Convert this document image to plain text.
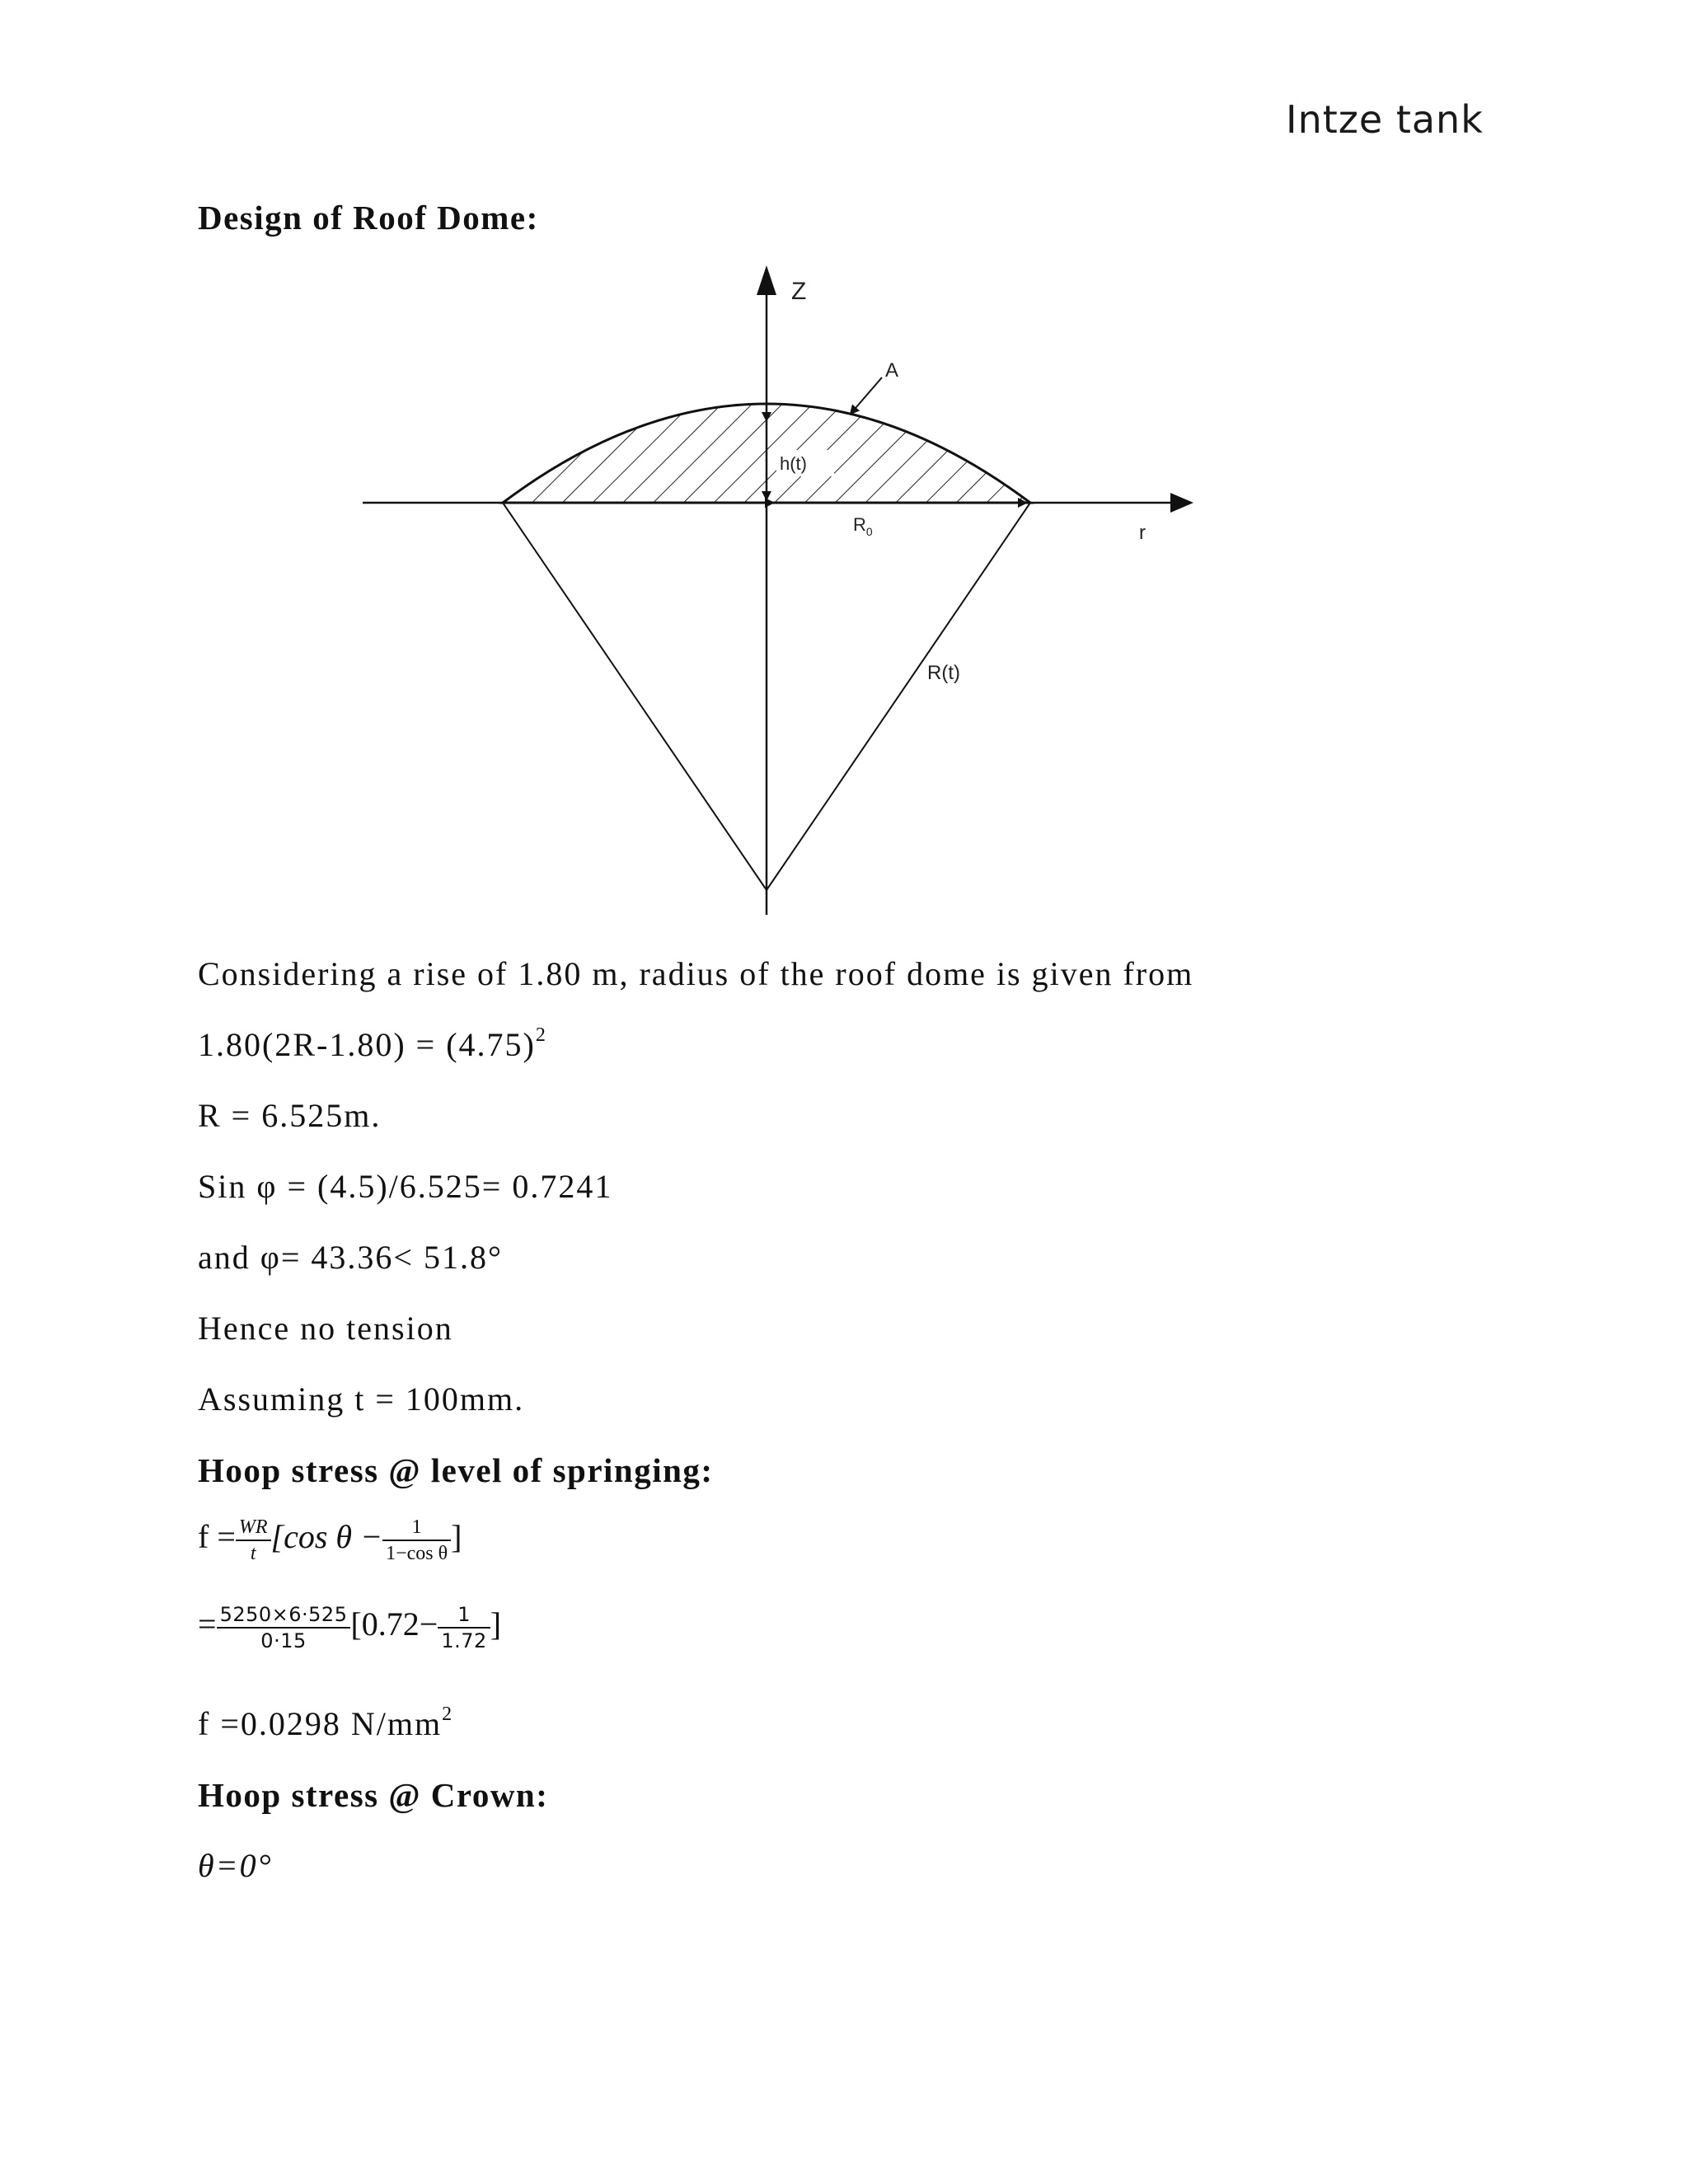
Intze tank
Design of Roof Dome:
Z
A
h(t)
$R_0$	r
R(t)
Considering a rise of 1.80 m, radius of the roof dome is given from
$1.80(2R-1.80) = (4.75)^2$
R = 6.525m.
Sin φ = (4.5)/6.525= 0.7241
and φ= 43.36< 51.8°
Hence no tension
Assuming t = 100mm.
Hoop stress @ level of springing:
$f = \frac{WR}{t} [\cos$ $\theta - \frac{1}{\text{1−cos θ}}$ ]
= $\frac{5250\times 6\cdot 525}{0\cdot 15} [0.72- \frac{1}{1.72}$ ]
f =0.0298 $N/mm^2$
Hoop stress @ Crown:
θ=0°
